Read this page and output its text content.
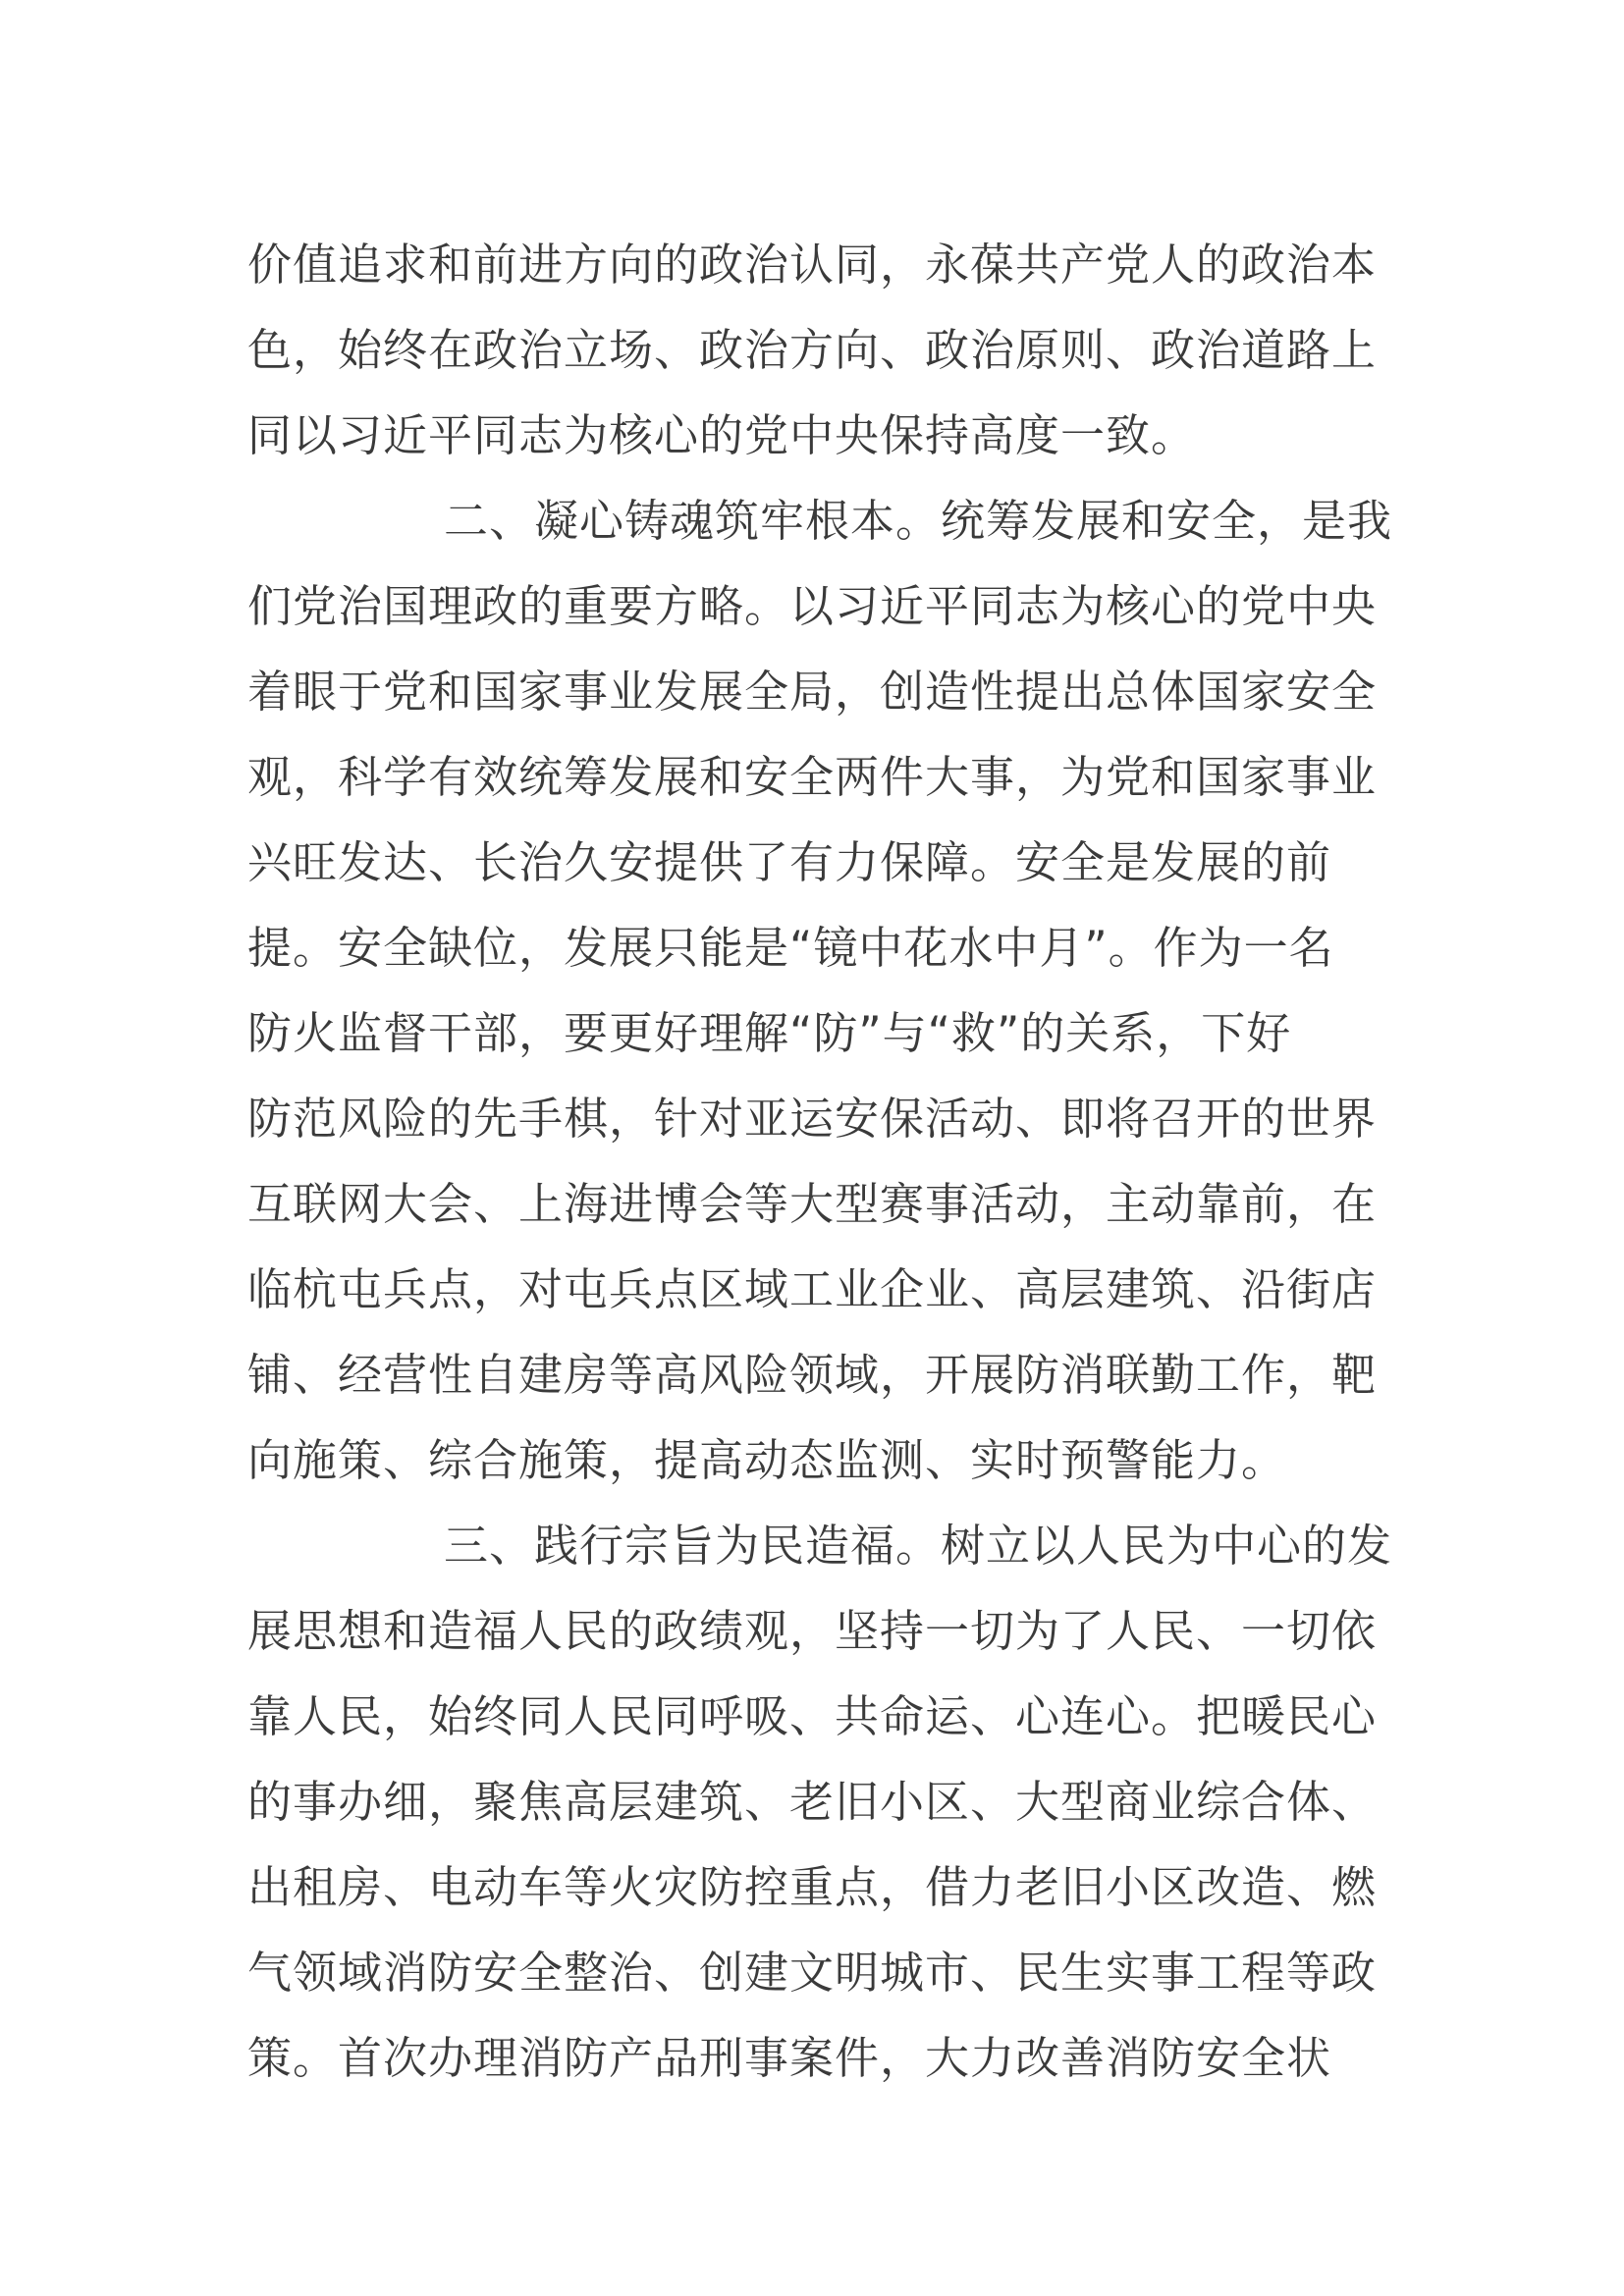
价值追求和前进方向的政治认同，永葆共产党人的政治本
色，始终在政治立场、政治方向、政治原则、政治道路上
同以习近平同志为核心的党中央保持高度一致。
二、凝心铸魂筑牢根本。统筹发展和安全，是我
们党治国理政的重要方略。以习近平同志为核心的党中央
着眼于党和国家事业发展全局，创造性提出总体国家安全
观，科学有效统筹发展和安全两件大事，为党和国家事业
兴旺发达、长治久安提供了有力保障。安全是发展的前
提。安全缺位，发展只能是“镜中花水中月”。作为一名
防火监督干部，要更好理解“防”与“救”的关系，下好
防范风险的先手棋，针对亚运安保活动、即将召开的世界
互联网大会、上海进博会等大型赛事活动，主动靠前，在
临杭屯兵点，对屯兵点区域工业企业、高层建筑、沿街店
铺、经营性自建房等高风险领域，开展防消联勤工作，靶
向施策、综合施策，提高动态监测、实时预警能力。
三、践行宗旨为民造福。树立以人民为中心的发
展思想和造福人民的政绩观，坚持一切为了人民、一切依
靠人民，始终同人民同呼吸、共命运、心连心。把暖民心
的事办细，聚焦高层建筑、老旧小区、大型商业综合体、
出租房、电动车等火灾防控重点，借力老旧小区改造、燃
气领域消防安全整治、创建文明城市、民生实事工程等政
策。首次办理消防产品刑事案件，大力改善消防安全状
